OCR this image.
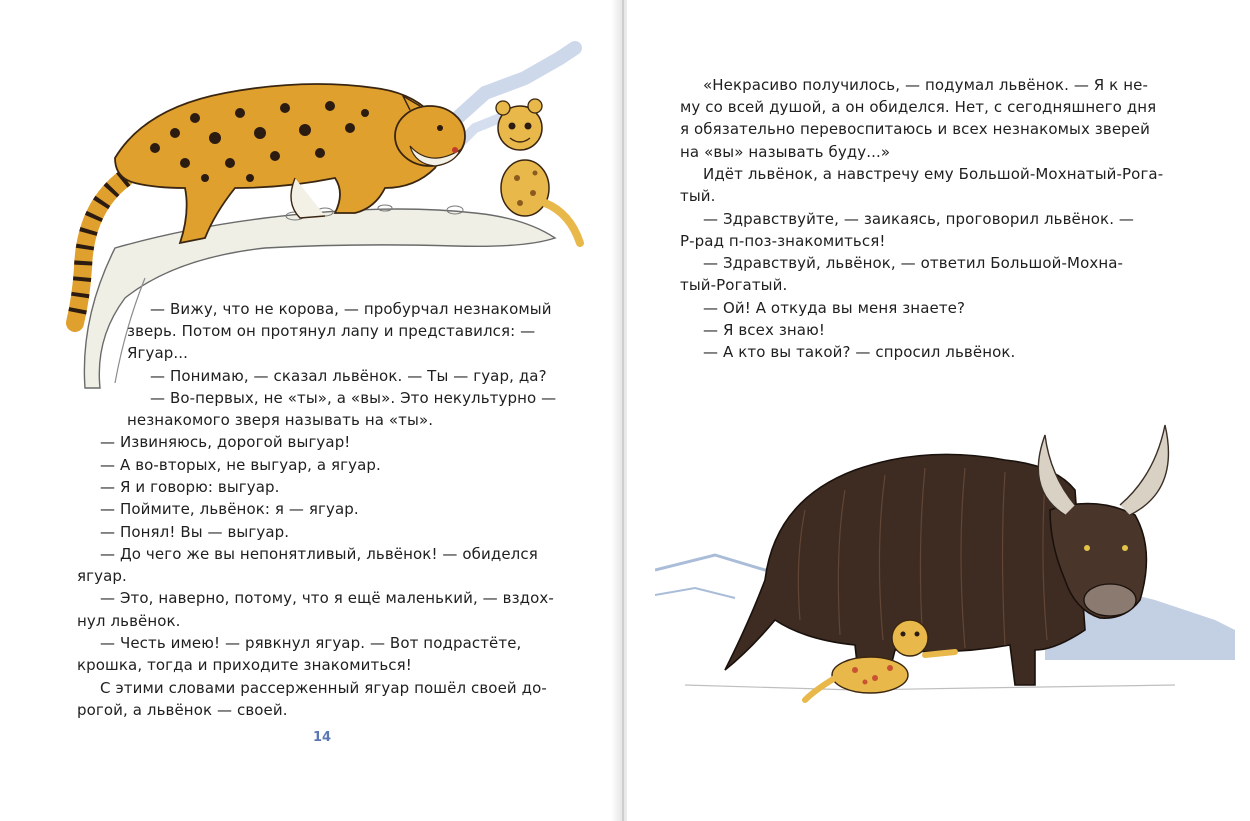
— Вижу, что не корова, — пробурчал незнакомый
зверь. Потом он протянул лапу и представился: —
Ягуар...
— Понимаю, — сказал львёнок. — Ты — гуар, да?
— Во-первых, не «ты», а «вы». Это некультурно —
незнакомого зверя называть на «ты».
— Извиняюсь, дорогой выгуар!
— А во-вторых, не выгуар, а ягуар.
— Я и говорю: выгуар.
— Поймите, львёнок: я — ягуар.
— Понял! Вы — выгуар.
— До чего же вы непонятливый, львёнок! — обиделся
ягуар.
— Это, наверно, потому, что я ещё маленький, — вздох-
нул львёнок.
— Честь имею! — рявкнул ягуар. — Вот подрастёте,
крошка, тогда и приходите знакомиться!
С этими словами рассерженный ягуар пошёл своей до-
рогой, а львёнок — своей.
14
«Некрасиво получилось, — подумал львёнок. — Я к не-
му со всей душой, а он обиделся. Нет, с сегодняшнего дня
я обязательно перевоспитаюсь и всех незнакомых зверей
на «вы» называть буду...»
Идёт львёнок, а навстречу ему Большой-Мохнатый-Рога-
тый.
— Здравствуйте, — заикаясь, проговорил львёнок. —
Р-рад п-поз-знакомиться!
— Здравствуй, львёнок, — ответил Большой-Мохна-
тый-Рогатый.
— Ой! А откуда вы меня знаете?
— Я всех знаю!
— А кто вы такой? — спросил львёнок.
